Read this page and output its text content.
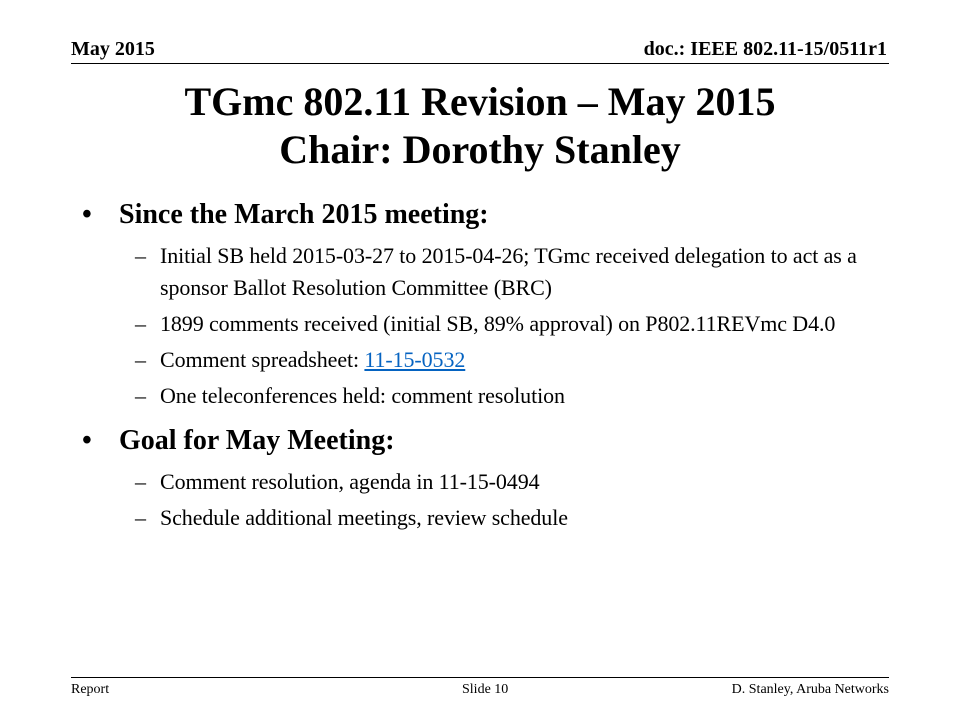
May 2015	doc.: IEEE 802.11-15/0511r1
TGmc 802.11 Revision – May 2015
Chair: Dorothy Stanley
• Since the March 2015 meeting:
– Initial SB held 2015-03-27 to 2015-04-26; TGmc received delegation to act as a sponsor Ballot Resolution Committee (BRC)
– 1899 comments received (initial SB, 89% approval) on P802.11REVmc D4.0
– Comment spreadsheet: 11-15-0532
– One teleconferences held: comment resolution
• Goal for May Meeting:
– Comment resolution, agenda in 11-15-0494
– Schedule additional meetings, review schedule
Report	Slide 10	D. Stanley, Aruba Networks
